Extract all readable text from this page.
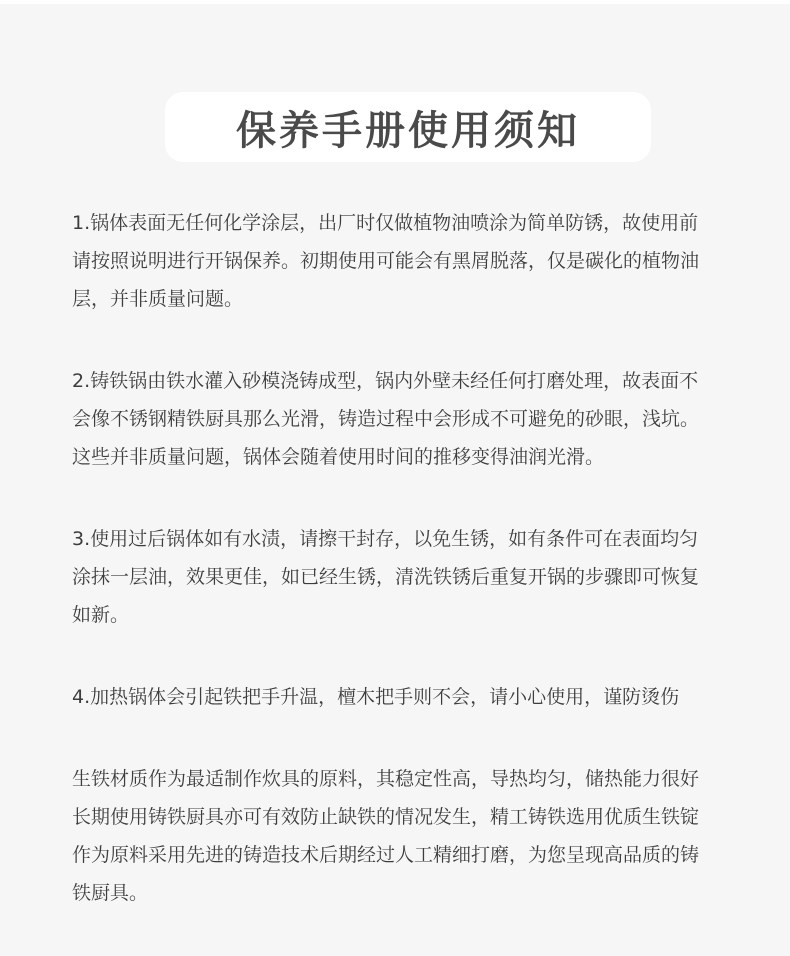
保养手册使用须知
1.锅体表面无任何化学涂层，出厂时仅做植物油喷涂为简单防锈，故使用前
请按照说明进行开锅保养。初期使用可能会有黑屑脱落，仅是碳化的植物油
层，并非质量问题。
2.铸铁锅由铁水灌入砂模浇铸成型，锅内外壁未经任何打磨处理，故表面不
会像不锈钢精铁厨具那么光滑，铸造过程中会形成不可避免的砂眼，浅坑。
这些并非质量问题，锅体会随着使用时间的推移变得油润光滑。
3.使用过后锅体如有水渍，请擦干封存，以免生锈，如有条件可在表面均匀
涂抹一层油，效果更佳，如已经生锈，清洗铁锈后重复开锅的步骤即可恢复
如新。
4.加热锅体会引起铁把手升温，檀木把手则不会，请小心使用，谨防烫伤
生铁材质作为最适制作炊具的原料，其稳定性高，导热均匀，储热能力很好
长期使用铸铁厨具亦可有效防止缺铁的情况发生，精工铸铁选用优质生铁锭
作为原料采用先进的铸造技术后期经过人工精细打磨，为您呈现高品质的铸
铁厨具。
